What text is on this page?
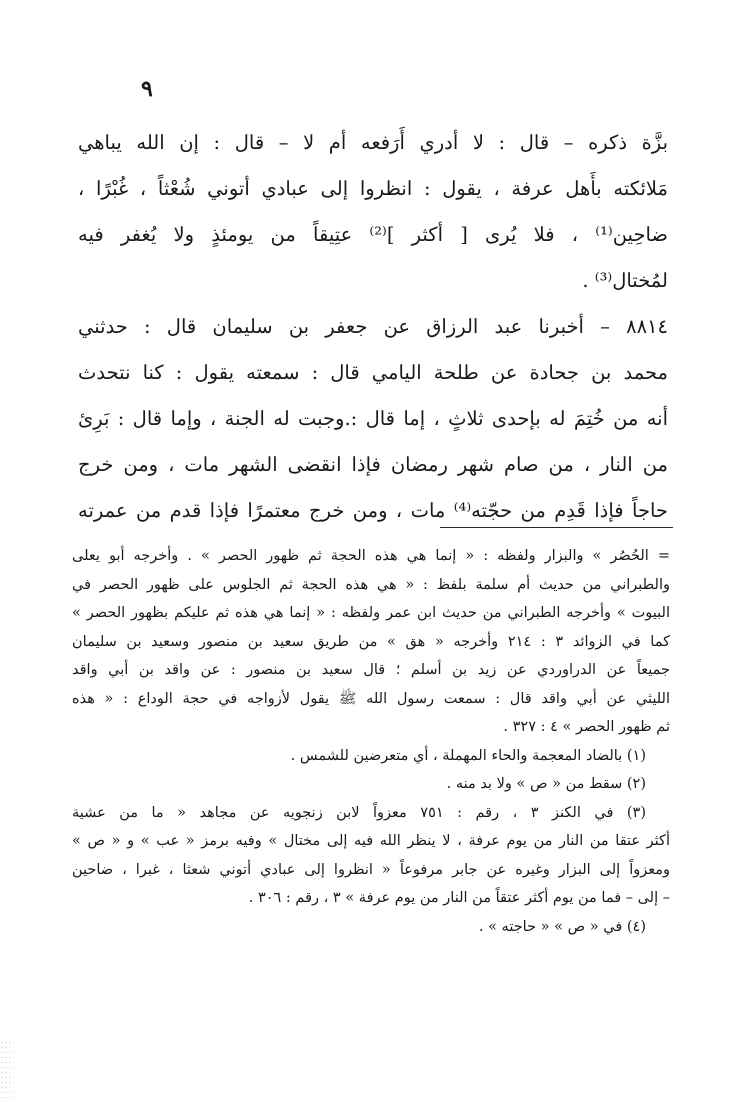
٩
بزَّة ذكره – قال : لا أدري أَرَفعه أم لا – قال : إن الله يباهي
مَلائكته بأَهل عرفة ، يقول : انظروا إلى عبادي أتوني شُعْثاً ، غُبْرًا ،
ضاحِين⁽¹⁾ ، فلا يُرى [ أكثر ]⁽²⁾ عتِيقاً من يومئذٍ ولا يُغفر فيه
لمُختال⁽³⁾ .
٨٨١٤ – أخبرنا عبد الرزاق عن جعفر بن سليمان قال : حدثني
محمد بن جحادة عن طلحة اليامي قال : سمعته يقول : كنا نتحدث
أنه من خُتِمَ له بإحدى ثلاثٍ ، إما قال :.وجبت له الجنة ، وإما قال : بَرِئ
من النار ، من صام شهر رمضان فإذا انقضى الشهر مات ، ومن خرج
حاجاً فإذا قَدِم من حجّته⁽⁴⁾ مات ، ومن خرج معتمرًا فإذا قدم من عمرته
= الحُصُر » والبزار ولفظه : « إنما هي هذه الحجة ثم ظهور الحصر » . وأخرجه أبو يعلى
والطبراني من حديث أم سلمة بلفظ : « هي هذه الحجة ثم الجلوس على ظهور الحصر في
البيوت » وأخرجه الطبراني من حديث ابن عمر ولفظه : « إنما هي هذه ثم عليكم بظهور الحصر »
كما في الزوائد ٣ : ٢١٤ وأخرجه « هق » من طريق سعيد بن منصور وسعيد بن سليمان
جميعاً عن الدراوردي عن زيد بن أسلم ؛ قال سعيد بن منصور : عن واقد بن أبي واقد
الليثي عن أبي واقد قال : سمعت رسول الله ﷺ يقول لأزواجه في حجة الوداع : « هذه
ثم ظهور الحصر » ٤ : ٣٢٧ .
(١) بالضاد المعجمة والحاء المهملة ، أي متعرضين للشمس .
(٢) سقط من « ص » ولا بد منه .
(٣) في الكنز ٣ ، رقم : ٧٥١ معزواً لابن زنجويه عن مجاهد « ما من عشية
أكثر عتقا من النار من يوم عرفة ، لا ينظر الله فيه إلى مختال » وفيه برمز « عب » و « ص »
ومعزواً إلى البزار وغيره عن جابر مرفوعاً « انظروا إلى عبادي أتوني شعثا ، غبرا ، ضاحين
– إلى – فما من يوم أكثر عتقاً من النار من يوم عرفة » ٣ ، رقم : ٣٠٦ .
(٤) في « ص » « حاجته » .
